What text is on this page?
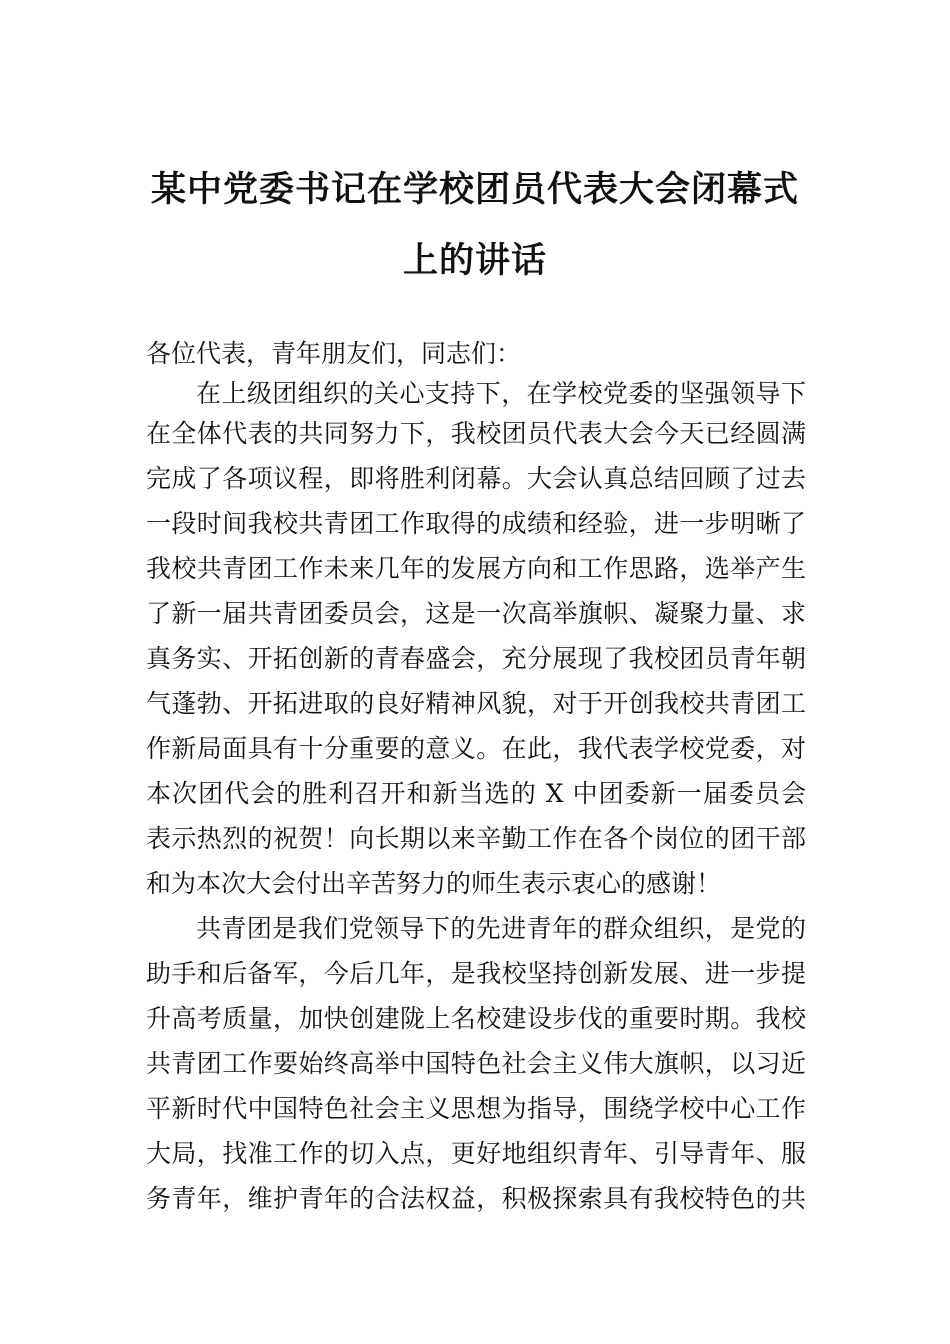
某中党委书记在学校团员代表大会闭幕式
上的讲话

各位代表，青年朋友们，同志们：

在上级团组织的关心支持下，在学校党委的坚强领导下

在全体代表的共同努力下，我校团员代表大会今天已经圆满

完成了各项议程，即将胜利闭幕。大会认真总结回顾了过去

一段时间我校共青团工作取得的成绩和经验，进一步明晰了

我校共青团工作未来几年的发展方向和工作思路，选举产生

了新一届共青团委员会，这是一次高举旗帜、凝聚力量、求

真务实、开拓创新的青春盛会，充分展现了我校团员青年朝

气蓬勃、开拓进取的良好精神风貌，对于开创我校共青团工

作新局面具有十分重要的意义。在此，我代表学校党委，对

本次团代会的胜利召开和新当选的 X 中团委新一届委员会

表示热烈的祝贺！向长期以来辛勤工作在各个岗位的团干部

和为本次大会付出辛苦努力的师生表示衷心的感谢！

共青团是我们党领导下的先进青年的群众组织，是党的

助手和后备军，今后几年，是我校坚持创新发展、进一步提

升高考质量，加快创建陇上名校建设步伐的重要时期。我校

共青团工作要始终高举中国特色社会主义伟大旗帜，以习近

平新时代中国特色社会主义思想为指导，围绕学校中心工作

大局，找准工作的切入点，更好地组织青年、引导青年、服

务青年，维护青年的合法权益，积极探索具有我校特色的共
